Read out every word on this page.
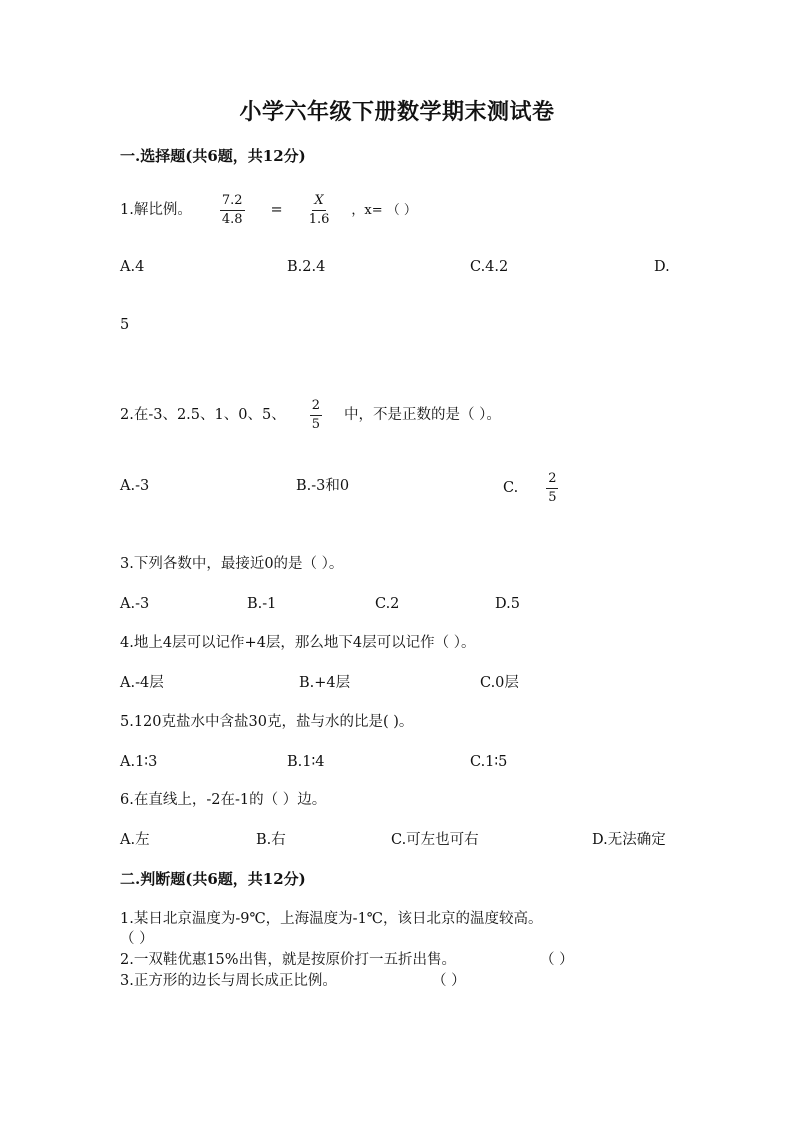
小学六年级下册数学期末测试卷
一.选择题(共6题，共12分)
1.解比例。 $\frac{7.2}{4.8} = \frac{X}{1.6}$ ，x= （ ）
A.4	B.2.4	C.4.2	D.
5
2.在-3、2.5、1、0、5、 $\frac{2}{5}$ 中，不是正数的是（ ）。
A.-3	B.-3和0	C. $\frac{2}{5}$
3.下列各数中，最接近0的是（ ）。
A.-3	B.-1	C.2	D.5
4.地上4层可以记作+4层，那么地下4层可以记作（ ）。
A.-4层	B.+4层	C.0层
5.120克盐水中含盐30克，盐与水的比是( )。
A.1∶3	B.1∶4	C.1∶5
6.在直线上，-2在-1的（ ）边。
A.左	B.右	C.可左也可右	D.无法确定
二.判断题(共6题，共12分)
1.某日北京温度为-9℃，上海温度为-1℃，该日北京的温度较高。
（ ）
2.一双鞋优惠15%出售，就是按原价打一五折出售。	（ ）
3.正方形的边长与周长成正比例。	（ ）
